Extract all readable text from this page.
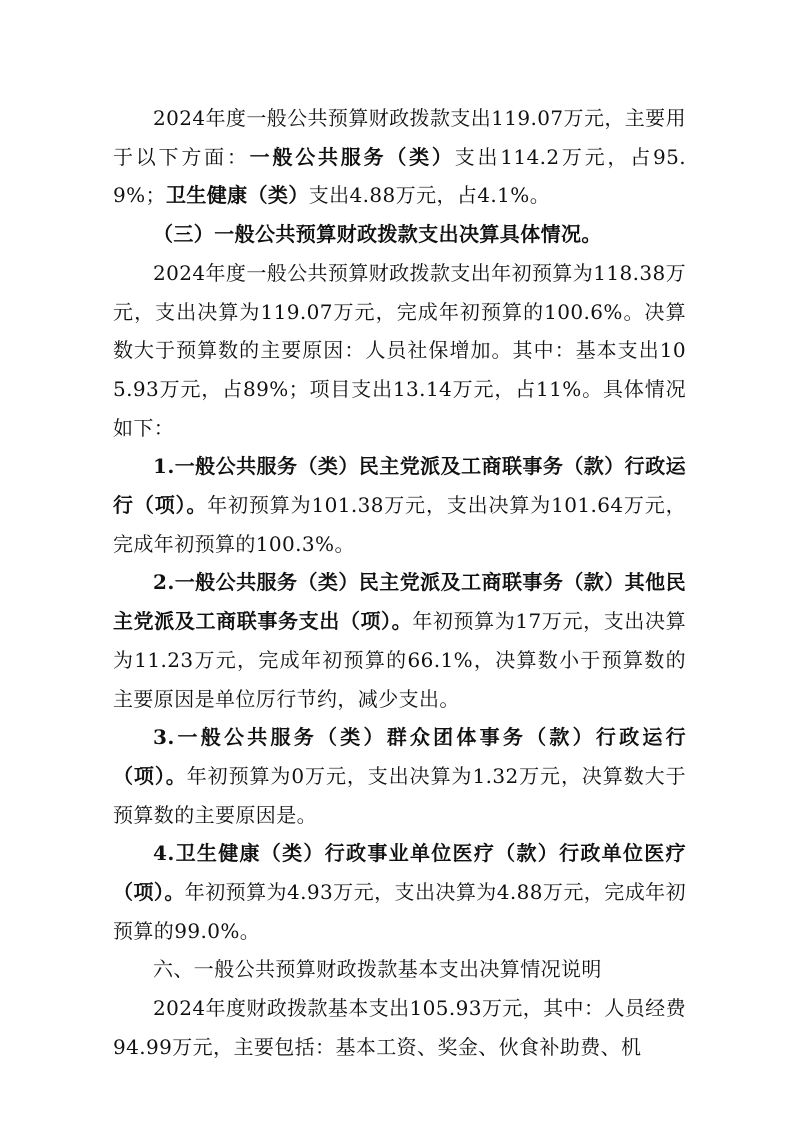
2024年度一般公共预算财政拨款支出119.07万元，主要用于以下方面：一般公共服务（类）支出114.2万元，占95.9%；卫生健康（类）支出4.88万元，占4.1%。

（三）一般公共预算财政拨款支出决算具体情况。

2024年度一般公共预算财政拨款支出年初预算为118.38万元，支出决算为119.07万元，完成年初预算的100.6%。决算数大于预算数的主要原因：人员社保增加。其中：基本支出105.93万元，占89%；项目支出13.14万元，占11%。具体情况如下：

1.一般公共服务（类）民主党派及工商联事务（款）行政运行（项）。年初预算为101.38万元，支出决算为101.64万元，完成年初预算的100.3%。

2.一般公共服务（类）民主党派及工商联事务（款）其他民主党派及工商联事务支出（项）。年初预算为17万元，支出决算为11.23万元，完成年初预算的66.1%，决算数小于预算数的主要原因是单位厉行节约，减少支出。

3.一般公共服务（类）群众团体事务（款）行政运行（项）。年初预算为0万元，支出决算为1.32万元，决算数大于预算数的主要原因是。

4.卫生健康（类）行政事业单位医疗（款）行政单位医疗（项）。年初预算为4.93万元，支出决算为4.88万元，完成年初预算的99.0%。

六、一般公共预算财政拨款基本支出决算情况说明

2024年度财政拨款基本支出105.93万元，其中：人员经费94.99万元，主要包括：基本工资、奖金、伙食补助费、机
